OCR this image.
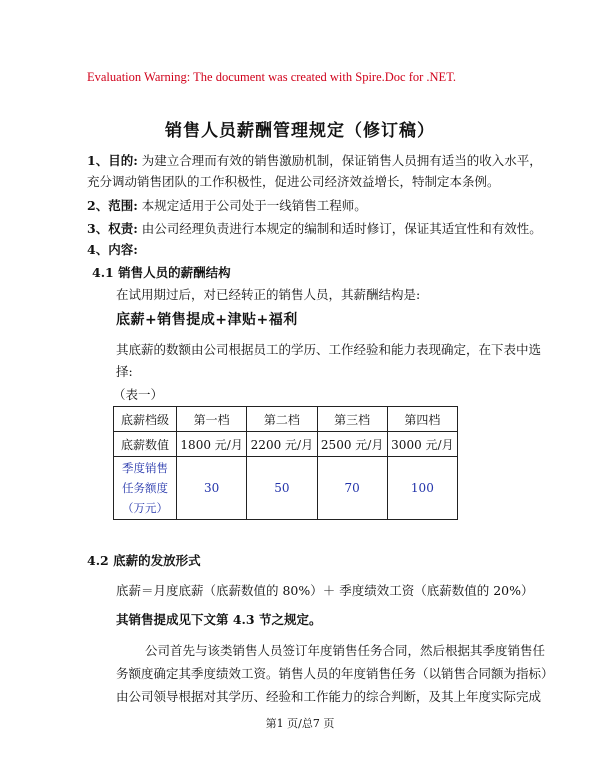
Evaluation Warning: The document was created with Spire.Doc for .NET.
销售人员薪酬管理规定（修订稿）
1、目的: 为建立合理而有效的销售激励机制，保证销售人员拥有适当的收入水平，
充分调动销售团队的工作积极性，促进公司经济效益增长，特制定本条例。
2、范围: 本规定适用于公司处于一线销售工程师。
3、权责: 由公司经理负责进行本规定的编制和适时修订，保证其适宜性和有效性。
4、内容:
4.1 销售人员的薪酬结构
在试用期过后，对已经转正的销售人员，其薪酬结构是:
底薪+销售提成+津贴+福利
其底薪的数额由公司根据员工的学历、工作经验和能力表现确定，在下表中选
择:
（表一）
底薪档级	第一档	第二档	第三档	第四档
底薪数值	1800 元/月	2200 元/月	2500 元/月	3000 元/月

季度销售
任务额度
（万元）	30	50	70	100
4.2 底薪的发放形式
底薪＝月度底薪（底薪数值的 80%）＋ 季度绩效工资（底薪数值的 20%）
其销售提成见下文第 4.3 节之规定。
公司首先与该类销售人员签订年度销售任务合同，然后根据其季度销售任
务额度确定其季度绩效工资。销售人员的年度销售任务（以销售合同额为指标）
由公司领导根据对其学历、经验和工作能力的综合判断，及其上年度实际完成
第1 页/总7 页
